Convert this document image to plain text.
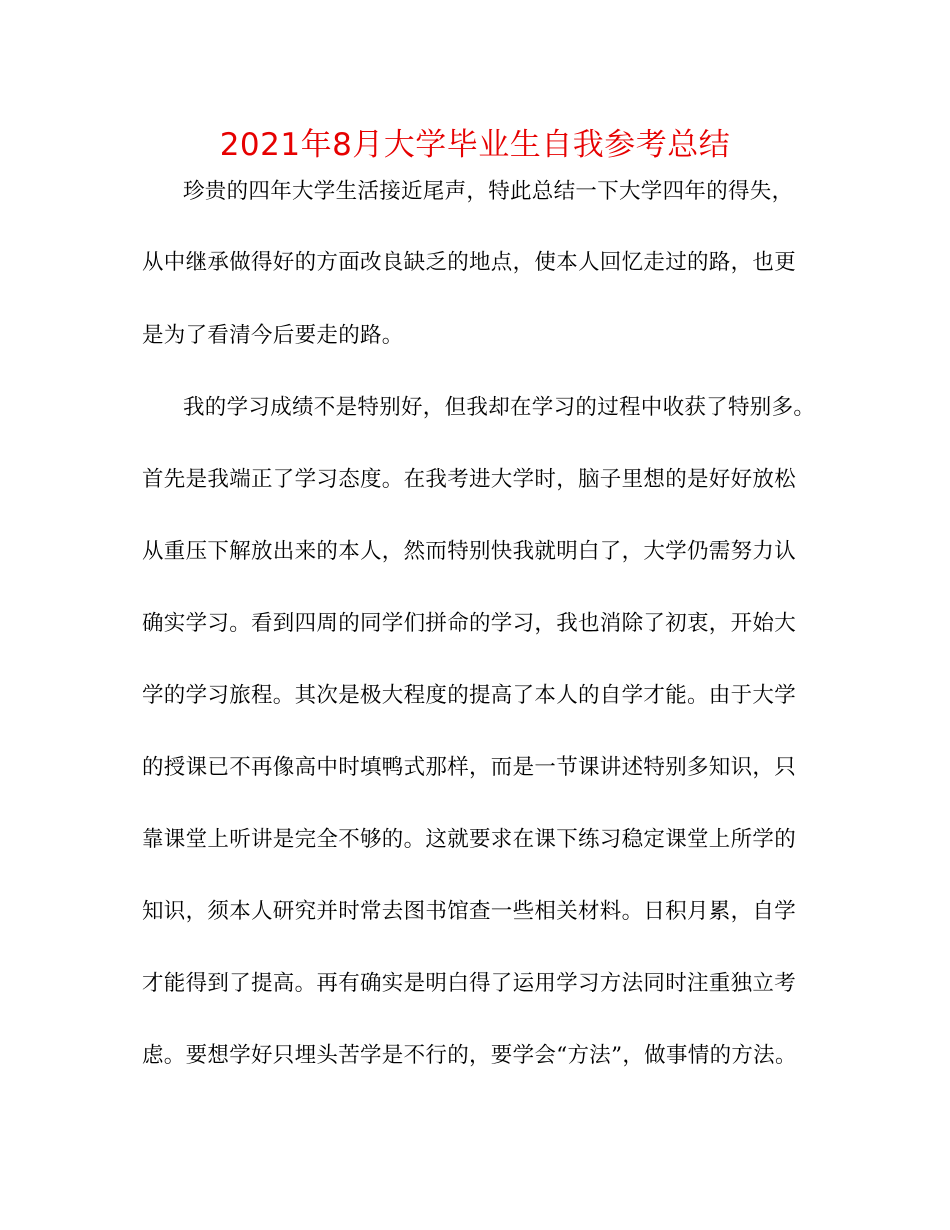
2021年8月大学毕业生自我参考总结
珍贵的四年大学生活接近尾声，特此总结一下大学四年的得失，
从中继承做得好的方面改良缺乏的地点，使本人回忆走过的路，也更
是为了看清今后要走的路。
我的学习成绩不是特别好，但我却在学习的过程中收获了特别多。
首先是我端正了学习态度。在我考进大学时，脑子里想的是好好放松
从重压下解放出来的本人，然而特别快我就明白了，大学仍需努力认
确实学习。看到四周的同学们拼命的学习，我也消除了初衷，开始大
学的学习旅程。其次是极大程度的提高了本人的自学才能。由于大学
的授课已不再像高中时填鸭式那样，而是一节课讲述特别多知识，只
靠课堂上听讲是完全不够的。这就要求在课下练习稳定课堂上所学的
知识，须本人研究并时常去图书馆查一些相关材料。日积月累，自学
才能得到了提高。再有确实是明白得了运用学习方法同时注重独立考
虑。要想学好只埋头苦学是不行的，要学会“方法”，做事情的方法。
